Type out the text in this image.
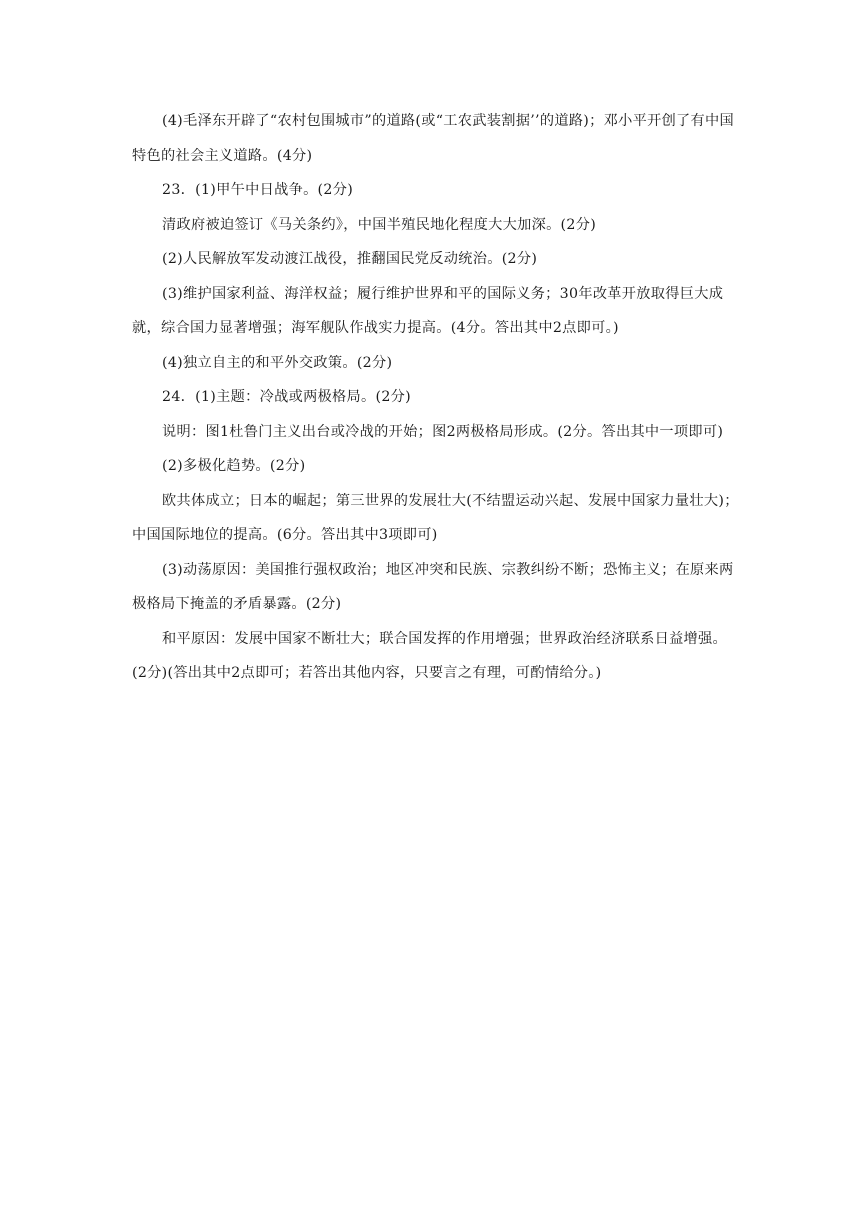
(4)毛泽东开辟了“农村包围城市”的道路(或“工农武装割据’’的道路)；邓小平开创了有中国特色的社会主义道路。(4分)

23．(1)甲午中日战争。(2分)

清政府被迫签订《马关条约》，中国半殖民地化程度大大加深。(2分)

(2)人民解放军发动渡江战役，推翻国民党反动统治。(2分)

(3)维护国家利益、海洋权益；履行维护世界和平的国际义务；30年改革开放取得巨大成就，综合国力显著增强；海军舰队作战实力提高。(4分。答出其中2点即可。)

(4)独立自主的和平外交政策。(2分)

24．(1)主题：冷战或两极格局。(2分)

说明：图1杜鲁门主义出台或冷战的开始；图2两极格局形成。(2分。答出其中一项即可)

(2)多极化趋势。(2分)

欧共体成立；日本的崛起；第三世界的发展壮大(不结盟运动兴起、发展中国家力量壮大)；中国国际地位的提高。(6分。答出其中3项即可)

(3)动荡原因：美国推行强权政治；地区冲突和民族、宗教纠纷不断；恐怖主义；在原来两极格局下掩盖的矛盾暴露。(2分)

和平原因：发展中国家不断壮大；联合国发挥的作用增强；世界政治经济联系日益增强。 (2分)(答出其中2点即可；若答出其他内容，只要言之有理，可酌情给分。)
